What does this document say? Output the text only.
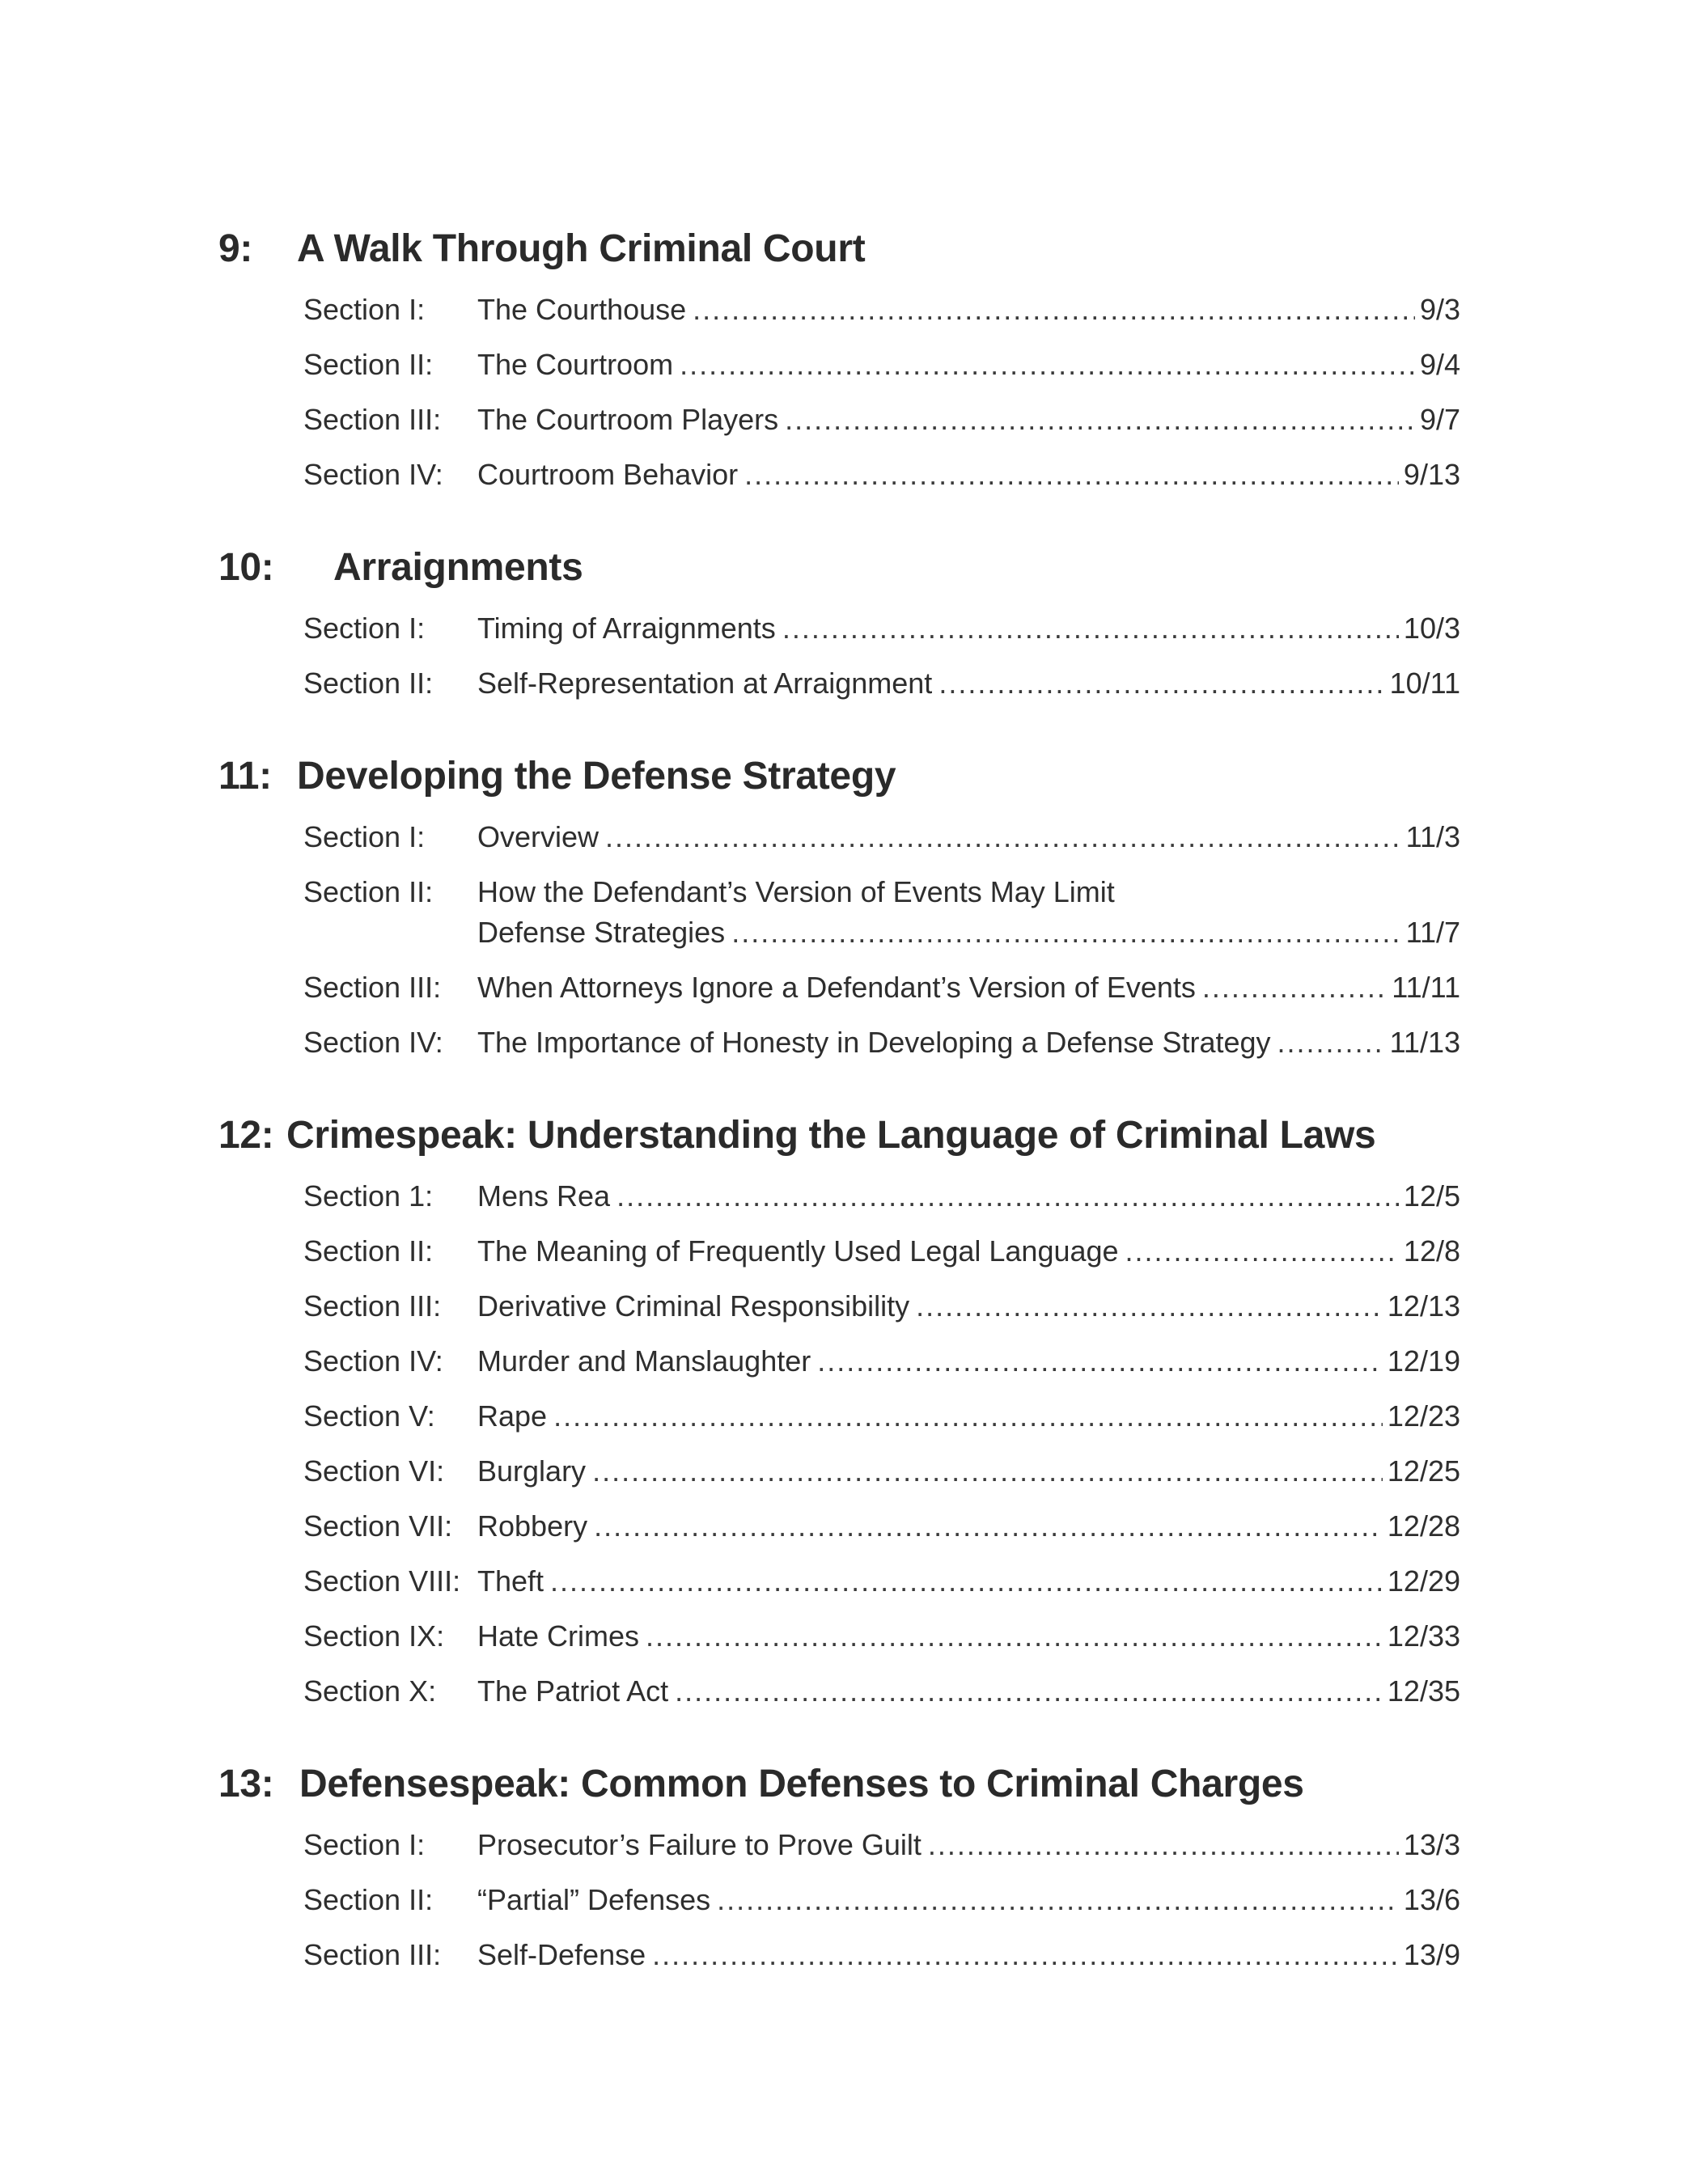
9: A Walk Through Criminal Court
Section I: The Courthouse .....	9/3
Section II: The Courtroom .....	9/4
Section III: The Courtroom Players .....	9/7
Section IV: Courtroom Behavior .....	9/13
10: Arraignments
Section I: Timing of Arraignments .....	10/3
Section II: Self-Representation at Arraignment .....	10/11
11: Developing the Defense Strategy
Section I: Overview .....	11/3
Section II: How the Defendant’s Version of Events May Limit
Defense Strategies .....	11/7
Section III: When Attorneys Ignore a Defendant’s Version of Events .....	11/11
Section IV: The Importance of Honesty in Developing a Defense Strategy .....	11/13
12: Crimespeak: Understanding the Language of Criminal Laws
Section 1: Mens Rea .....	12/5
Section II: The Meaning of Frequently Used Legal Language .....	12/8
Section III: Derivative Criminal Responsibility .....	12/13
Section IV: Murder and Manslaughter .....	12/19
Section V: Rape .....	12/23
Section VI: Burglary .....	12/25
Section VII: Robbery .....	12/28
Section VIII: Theft .....	12/29
Section IX: Hate Crimes .....	12/33
Section X: The Patriot Act .....	12/35
13: Defensespeak: Common Defenses to Criminal Charges
Section I: Prosecutor’s Failure to Prove Guilt .....	13/3
Section II: “Partial” Defenses .....	13/6
Section III: Self-Defense .....	13/9
